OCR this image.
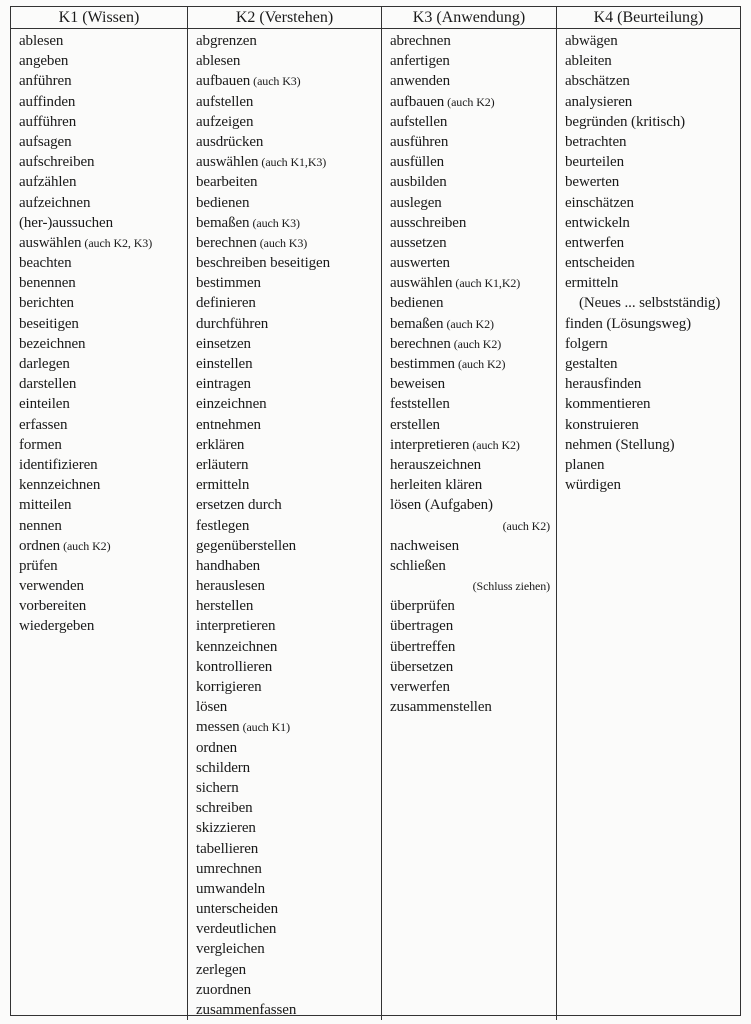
K1 (Wissen)
ablesen
angeben
anführen
auffinden
aufführen
aufsagen
aufschreiben
aufzählen
aufzeichnen
(her-)aussuchen
auswählen (auch K2, K3)
beachten
benennen
berichten
beseitigen
bezeichnen
darlegen
darstellen
einteilen
erfassen
formen
identifizieren
kennzeichnen
mitteilen
nennen
ordnen (auch K2)
prüfen
verwenden
vorbereiten
wiedergeben
K2 (Verstehen)
abgrenzen
ablesen
aufbauen (auch K3)
aufstellen
aufzeigen
ausdrücken
auswählen (auch K1,K3)
bearbeiten
bedienen
bemaßen (auch K3)
berechnen (auch K3)
beschreiben beseitigen
bestimmen
definieren
durchführen
einsetzen
einstellen
eintragen
einzeichnen
entnehmen
erklären
erläutern
ermitteln
ersetzen durch
festlegen
gegenüberstellen
handhaben
herauslesen
herstellen
interpretieren
kennzeichnen
kontrollieren
korrigieren
lösen
messen (auch K1)
ordnen
schildern
sichern
schreiben
skizzieren
tabellieren
umrechnen
umwandeln
unterscheiden
verdeutlichen
vergleichen
zerlegen
zuordnen
zusammenfassen
K3 (Anwendung)
abrechnen
anfertigen
anwenden
aufbauen (auch K2)
aufstellen
ausführen
ausfüllen
ausbilden
auslegen
ausschreiben
aussetzen
auswerten
auswählen (auch K1,K2)
bedienen
bemaßen (auch K2)
berechnen (auch K2)
bestimmen (auch K2)
beweisen
feststellen
erstellen
interpretieren (auch K2)
herauszeichnen
herleiten klären
lösen (Aufgaben)
(auch K2)
nachweisen
schließen
(Schluss ziehen)
überprüfen
übertragen
übertreffen
übersetzen
verwerfen
zusammenstellen
K4 (Beurteilung)
abwägen
ableiten
abschätzen
analysieren
begründen (kritisch)
betrachten
beurteilen
bewerten
einschätzen
entwickeln
entwerfen
entscheiden
ermitteln
(Neues ... selbstständig)
finden (Lösungsweg)
folgern
gestalten
herausfinden
kommentieren
konstruieren
nehmen (Stellung)
planen
würdigen
